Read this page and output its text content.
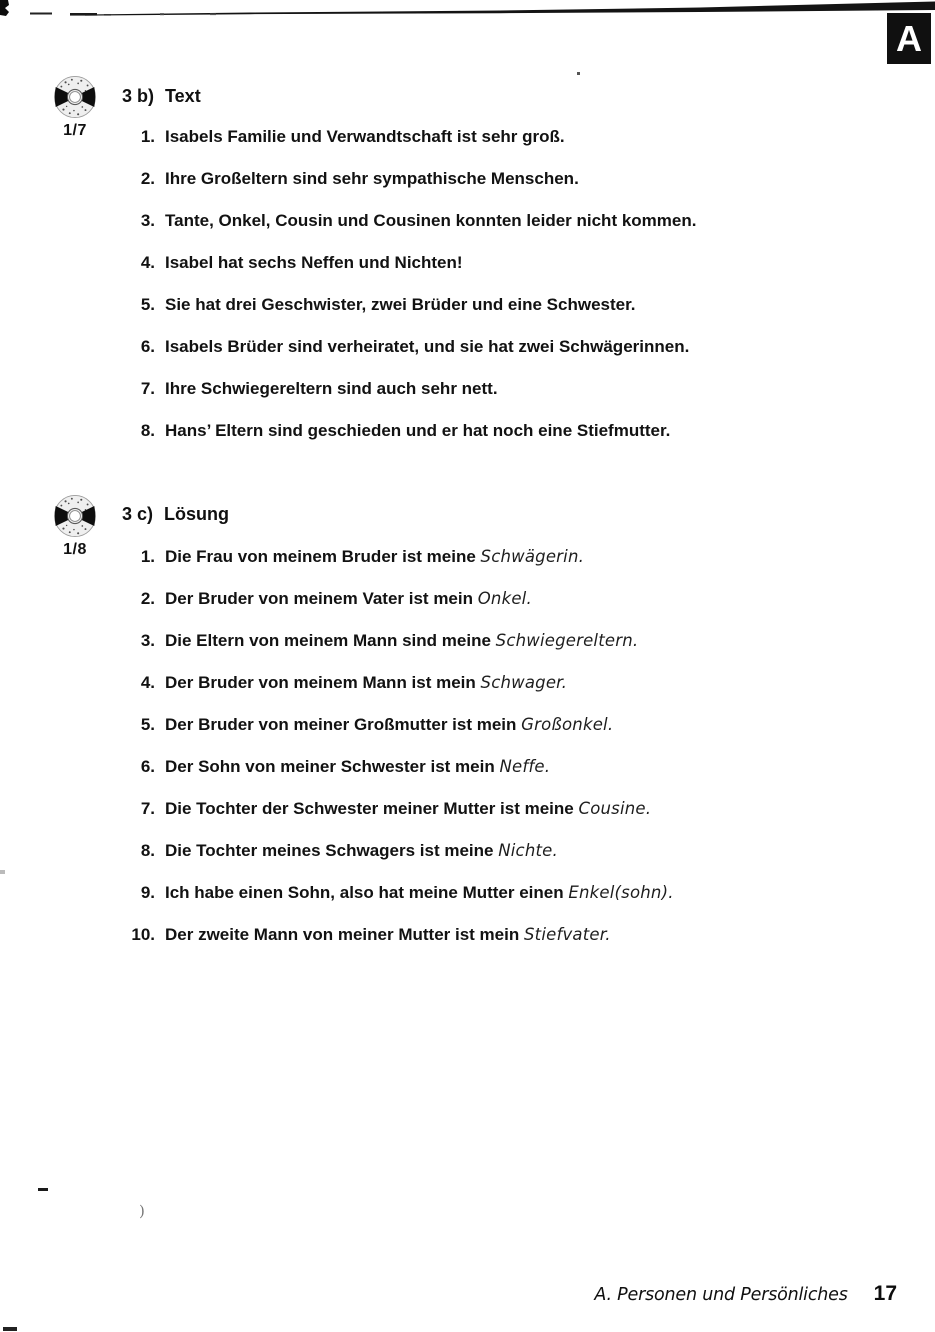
A
)
1/7
3 b) Text
1. Isabels Familie und Verwandtschaft ist sehr groß.
2. Ihre Großeltern sind sehr sympathische Menschen.
3. Tante, Onkel, Cousin und Cousinen konnten leider nicht kommen.
4. Isabel hat sechs Neffen und Nichten!
5. Sie hat drei Geschwister, zwei Brüder und eine Schwester.
6. Isabels Brüder sind verheiratet, und sie hat zwei Schwägerinnen.
7. Ihre Schwiegereltern sind auch sehr nett.
8. Hans’ Eltern sind geschieden und er hat noch eine Stiefmutter.
1/8
3 c) Lösung
1. Die Frau von meinem Bruder ist meine Schwägerin.
2. Der Bruder von meinem Vater ist mein Onkel.
3. Die Eltern von meinem Mann sind meine Schwiegereltern.
4. Der Bruder von meinem Mann ist mein Schwager.
5. Der Bruder von meiner Großmutter ist mein Großonkel.
6. Der Sohn von meiner Schwester ist mein Neffe.
7. Die Tochter der Schwester meiner Mutter ist meine Cousine.
8. Die Tochter meines Schwagers ist meine Nichte.
9. Ich habe einen Sohn, also hat meine Mutter einen Enkel(sohn).
10. Der zweite Mann von meiner Mutter ist mein Stiefvater.
A. Personen und Persönliches 17
